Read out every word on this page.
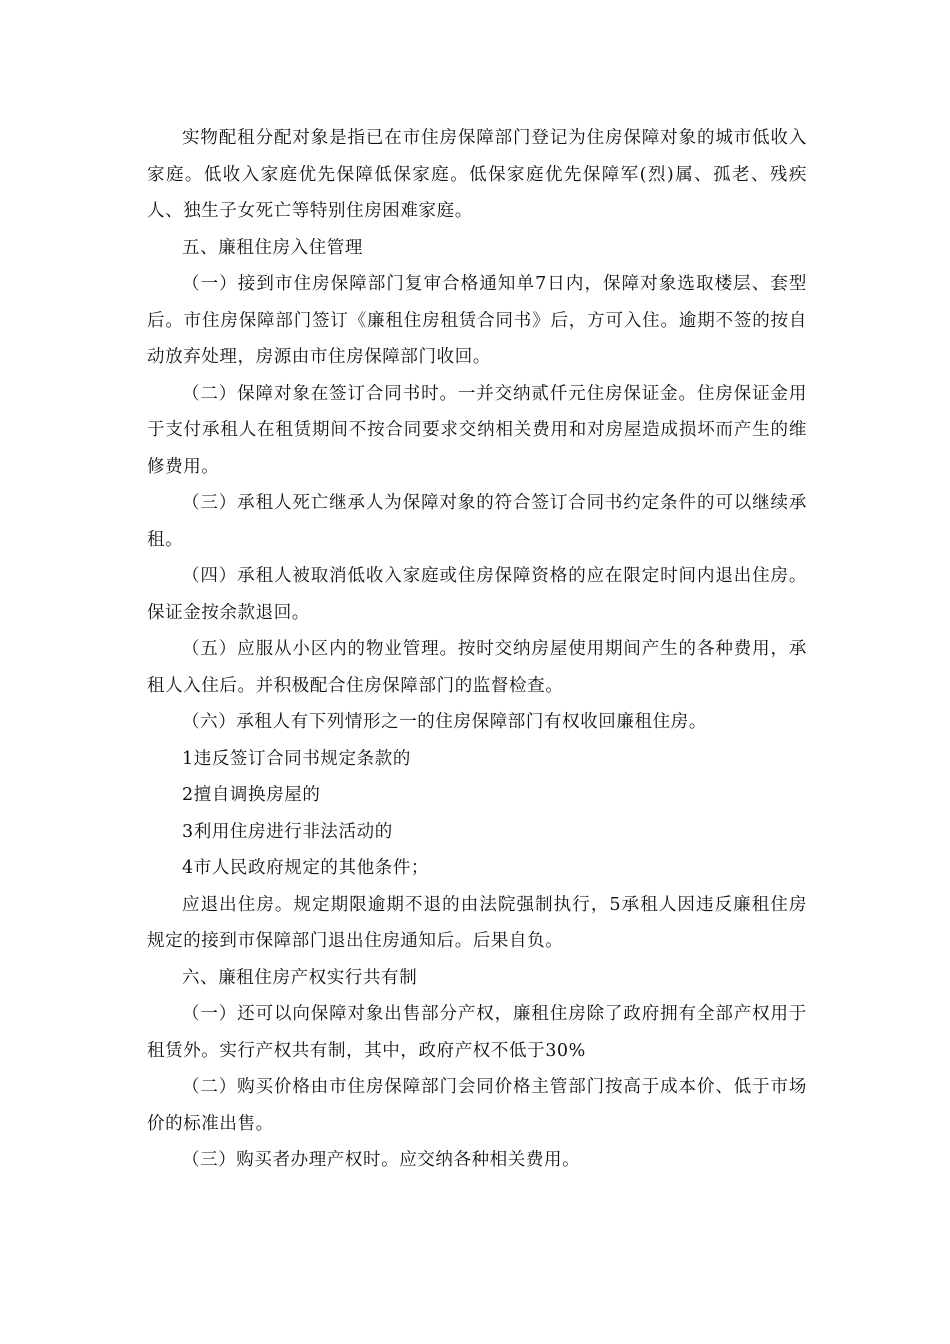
实物配租分配对象是指已在市住房保障部门登记为住房保障对象的城市低收入家庭。低收入家庭优先保障低保家庭。低保家庭优先保障军(烈)属、孤老、残疾人、独生子女死亡等特别住房困难家庭。

五、廉租住房入住管理

（一）接到市住房保障部门复审合格通知单7日内，保障对象选取楼层、套型后。市住房保障部门签订《廉租住房租赁合同书》后，方可入住。逾期不签的按自动放弃处理，房源由市住房保障部门收回。

（二）保障对象在签订合同书时。一并交纳贰仟元住房保证金。住房保证金用于支付承租人在租赁期间不按合同要求交纳相关费用和对房屋造成损坏而产生的维修费用。

（三）承租人死亡继承人为保障对象的符合签订合同书约定条件的可以继续承租。

（四）承租人被取消低收入家庭或住房保障资格的应在限定时间内退出住房。保证金按余款退回。

（五）应服从小区内的物业管理。按时交纳房屋使用期间产生的各种费用，承租人入住后。并积极配合住房保障部门的监督检查。

（六）承租人有下列情形之一的住房保障部门有权收回廉租住房。

1违反签订合同书规定条款的

2擅自调换房屋的

3利用住房进行非法活动的

4市人民政府规定的其他条件；

应退出住房。规定期限逾期不退的由法院强制执行，5承租人因违反廉租住房规定的接到市保障部门退出住房通知后。后果自负。

六、廉租住房产权实行共有制

（一）还可以向保障对象出售部分产权，廉租住房除了政府拥有全部产权用于租赁外。实行产权共有制，其中，政府产权不低于30%

（二）购买价格由市住房保障部门会同价格主管部门按高于成本价、低于市场价的标准出售。

（三）购买者办理产权时。应交纳各种相关费用。
